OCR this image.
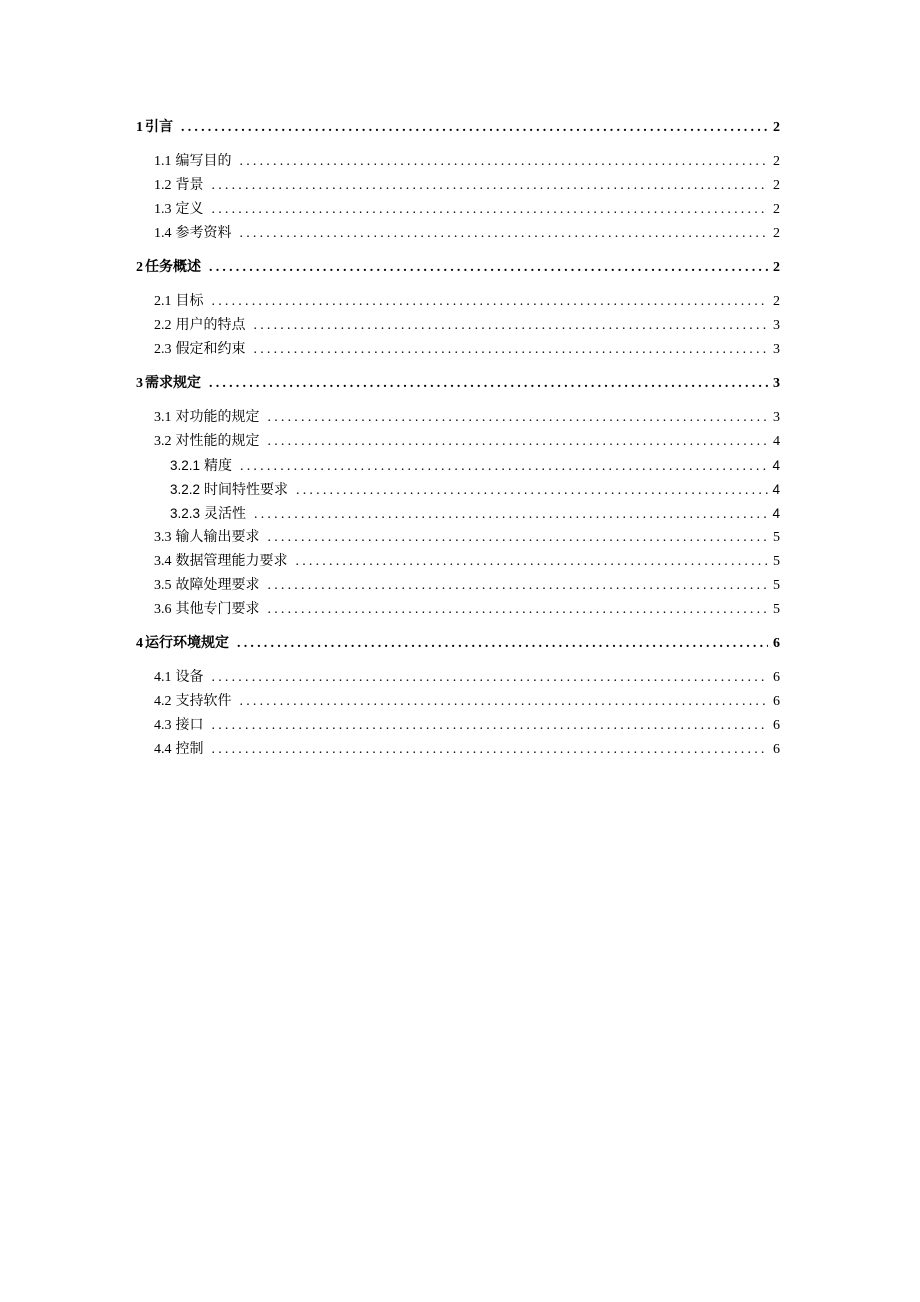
1 引言 .....	2
1.1 编写目的 .....	2
1.2 背景 .....	2
1.3 定义 .....	2
1.4 参考资料 .....	2
2 任务概述 .....	2
2.1 目标 .....	2
2.2 用户的特点 .....	3
2.3 假定和约束 .....	3
3 需求规定 .....	3
3.1 对功能的规定 .....	3
3.2 对性能的规定 .....	4
3.2.1 精度 .....	4
3.2.2 时间特性要求 .....	4
3.2.3 灵活性 .....	4
3.3 输人输出要求 .....	5
3.4 数据管理能力要求 .....	5
3.5 故障处理要求 .....	5
3.6 其他专门要求 .....	5
4 运行环境规定 .....	6
4.1 设备 .....	6
4.2 支持软件 .....	6
4.3 接口 .....	6
4.4 控制 .....	6
